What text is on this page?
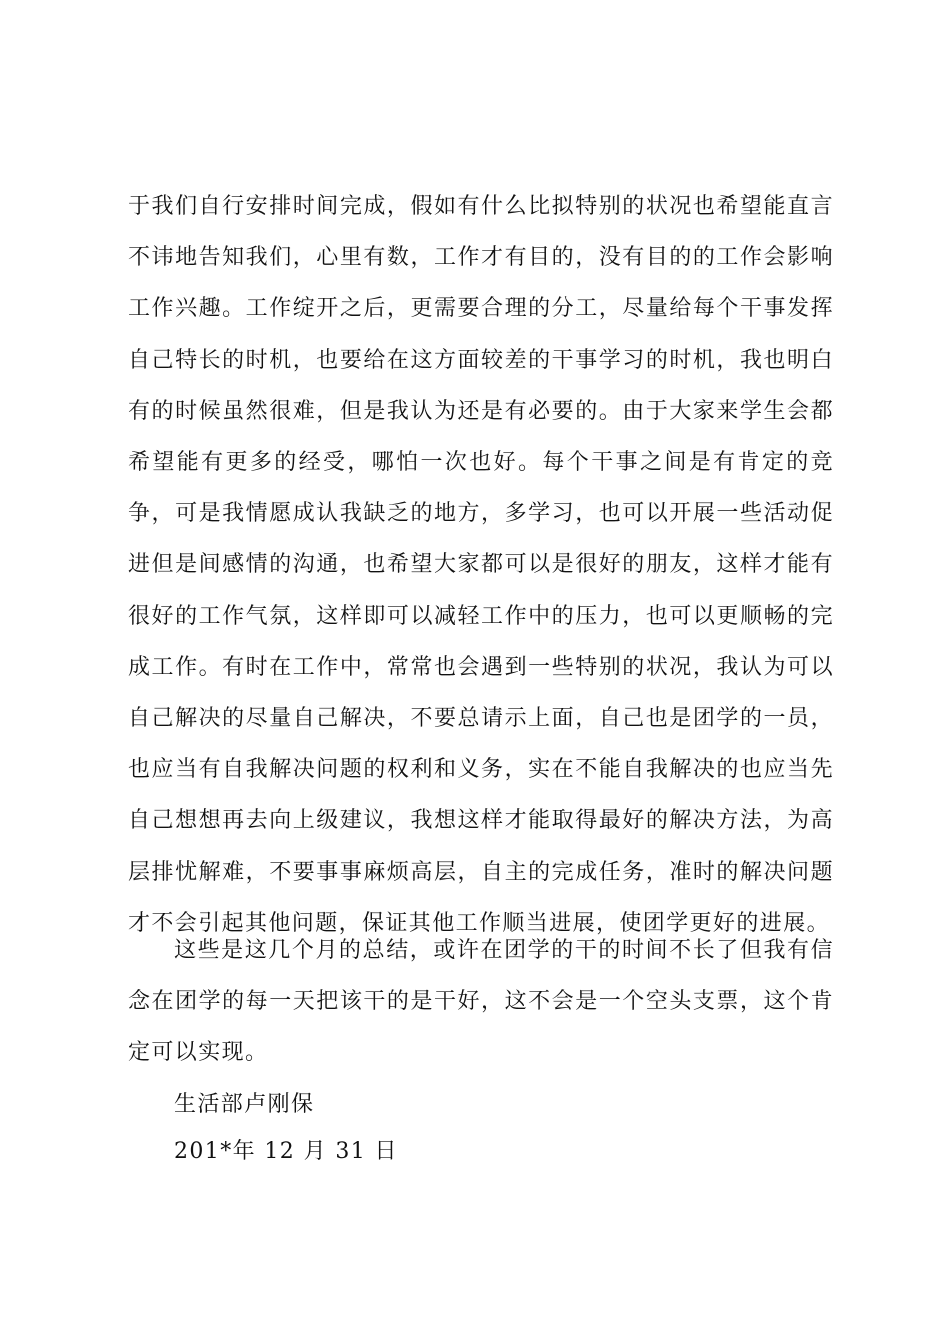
于我们自行安排时间完成，假如有什么比拟特别的状况也希望能直言不讳地告知我们，心里有数，工作才有目的，没有目的的工作会影响工作兴趣。工作绽开之后，更需要合理的分工，尽量给每个干事发挥自己特长的时机，也要给在这方面较差的干事学习的时机，我也明白有的时候虽然很难，但是我认为还是有必要的。由于大家来学生会都希望能有更多的经受，哪怕一次也好。每个干事之间是有肯定的竞争，可是我情愿成认我缺乏的地方，多学习，也可以开展一些活动促进但是间感情的沟通，也希望大家都可以是很好的朋友，这样才能有很好的工作气氛，这样即可以减轻工作中的压力，也可以更顺畅的完成工作。有时在工作中，常常也会遇到一些特别的状况，我认为可以自己解决的尽量自己解决，不要总请示上面，自己也是团学的一员，也应当有自我解决问题的权利和义务，实在不能自我解决的也应当先自己想想再去向上级建议，我想这样才能取得最好的解决方法，为高层排忧解难，不要事事麻烦高层，自主的完成任务，准时的解决问题才不会引起其他问题，保证其他工作顺当进展，使团学更好的进展。

这些是这几个月的总结，或许在团学的干的时间不长了但我有信念在团学的每一天把该干的是干好，这不会是一个空头支票，这个肯定可以实现。

生活部卢刚保

201*年 12 月 31 日
